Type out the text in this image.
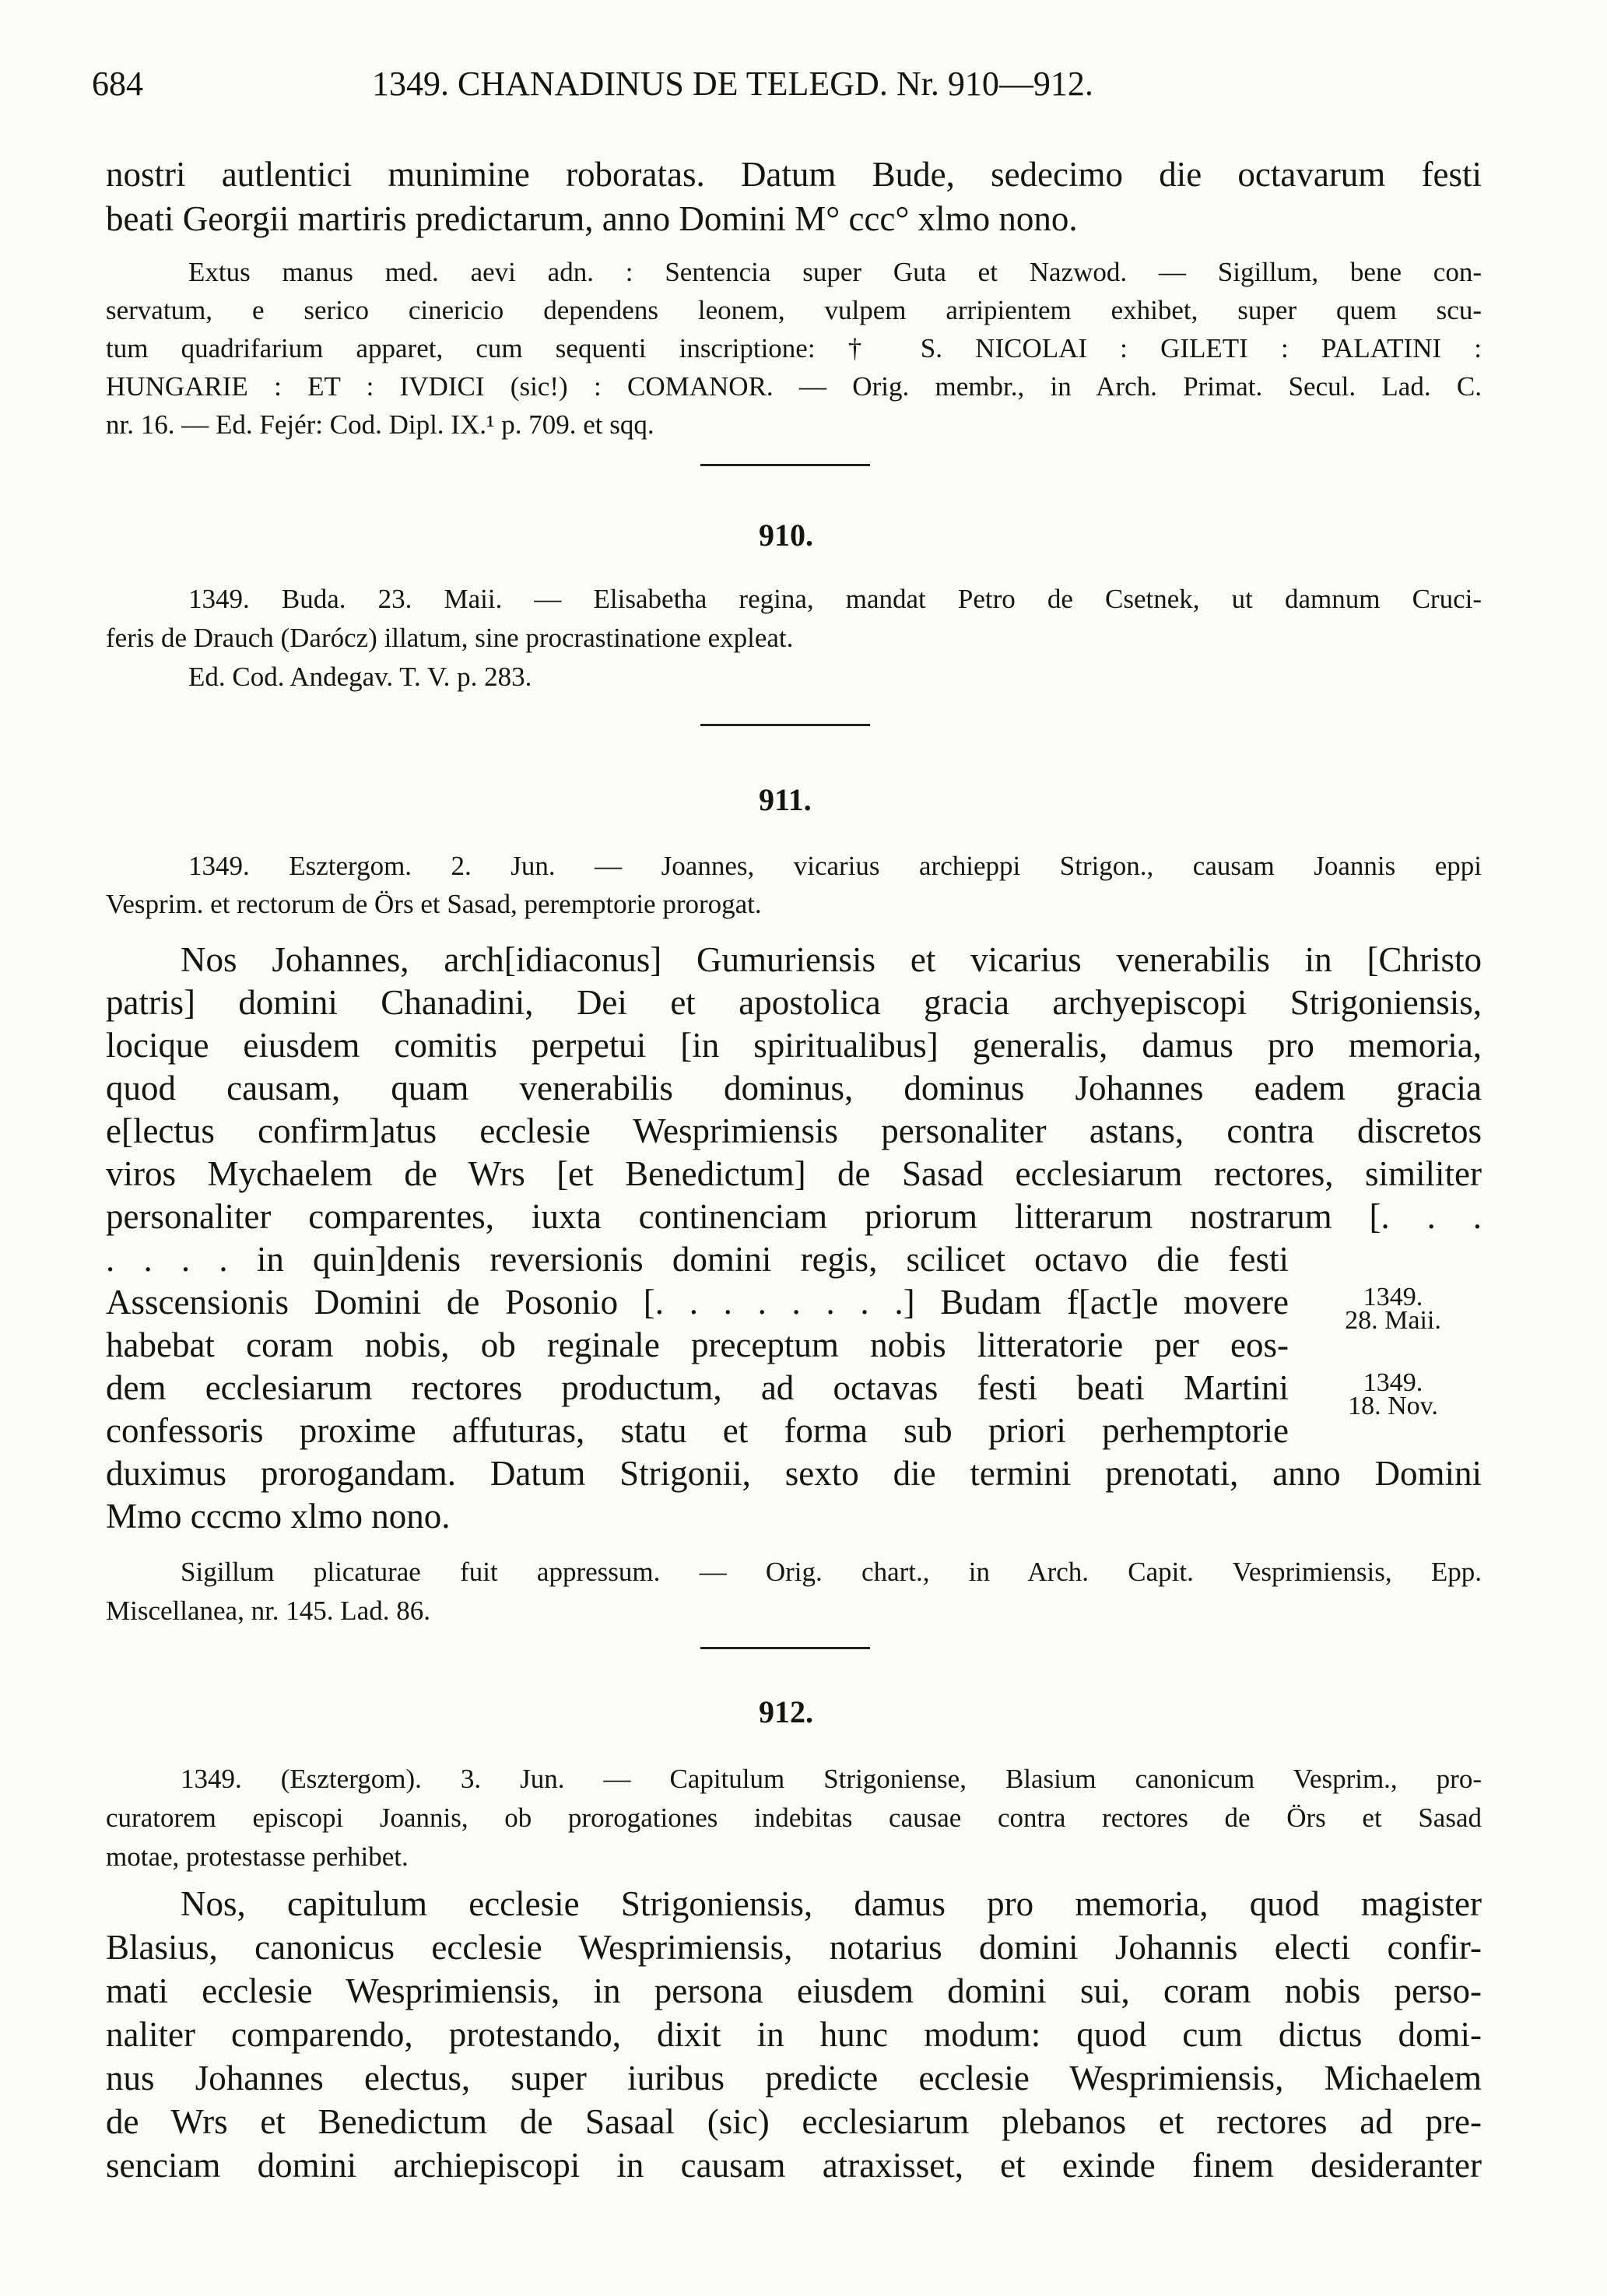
684	1349. CHANADINUS DE TELEGD. Nr. 910—912.
nostri autlentici munimine roboratas. Datum Bude, sedecimo die octavarum festi
beati Georgii martiris predictarum, anno Domini M° ccc° xlmo nono.
Extus manus med. aevi adn. : Sentencia super Guta et Nazwod. — Sigillum, bene con-
servatum, e serico cinericio dependens leonem, vulpem arripientem exhibet, super quem scu-
tum quadrifarium apparet, cum sequenti inscriptione: † S. NICOLAI : GILETI : PALATINI :
HUNGARIE : ET : IVDICI (sic!) : COMANOR. — Orig. membr., in Arch. Primat. Secul. Lad. C.
nr. 16. — Ed. Fejér: Cod. Dipl. IX.¹ p. 709. et sqq.
910.
1349. Buda. 23. Maii. — Elisabetha regina, mandat Petro de Csetnek, ut damnum Cruci-
feris de Drauch (Darócz) illatum, sine procrastinatione expleat.
Ed. Cod. Andegav. T. V. p. 283.
911.
1349. Esztergom. 2. Jun. — Joannes, vicarius archieppi Strigon., causam Joannis eppi
Vesprim. et rectorum de Örs et Sasad, peremptorie prorogat.
Nos Johannes, arch[idiaconus] Gumuriensis et vicarius venerabilis in [Christo
patris] domini Chanadini, Dei et apostolica gracia archyepiscopi Strigoniensis,
locique eiusdem comitis perpetui [in spiritualibus] generalis, damus pro memoria,
quod causam, quam venerabilis dominus, dominus Johannes eadem gracia
e[lectus confirm]atus ecclesie Wesprimiensis personaliter astans, contra discretos
viros Mychaelem de Wrs [et Benedictum] de Sasad ecclesiarum rectores, similiter
personaliter comparentes, iuxta continenciam priorum litterarum nostrarum [. . .
. . . . in quin]denis reversionis domini regis, scilicet octavo die festi
Asscensionis Domini de Posonio [. . . . . . . .] Budam f[act]e movere
habebat coram nobis, ob reginale preceptum nobis litteratorie per eos-
dem ecclesiarum rectores productum, ad octavas festi beati Martini
confessoris proxime affuturas, statu et forma sub priori perhemptorie
duximus prorogandam. Datum Strigonii, sexto die termini prenotati, anno Domini
Mmo cccmo xlmo nono.
1349.
28. Maii.
1349.
18. Nov.
Sigillum plicaturae fuit appressum. — Orig. chart., in Arch. Capit. Vesprimiensis, Epp.
Miscellanea, nr. 145. Lad. 86.
912.
1349. (Esztergom). 3. Jun. — Capitulum Strigoniense, Blasium canonicum Vesprim., pro-
curatorem episcopi Joannis, ob prorogationes indebitas causae contra rectores de Örs et Sasad
motae, protestasse perhibet.
Nos, capitulum ecclesie Strigoniensis, damus pro memoria, quod magister
Blasius, canonicus ecclesie Wesprimiensis, notarius domini Johannis electi confir-
mati ecclesie Wesprimiensis, in persona eiusdem domini sui, coram nobis perso-
naliter comparendo, protestando, dixit in hunc modum: quod cum dictus domi-
nus Johannes electus, super iuribus predicte ecclesie Wesprimiensis, Michaelem
de Wrs et Benedictum de Sasaal (sic) ecclesiarum plebanos et rectores ad pre-
senciam domini archiepiscopi in causam atraxisset, et exinde finem desideranter
